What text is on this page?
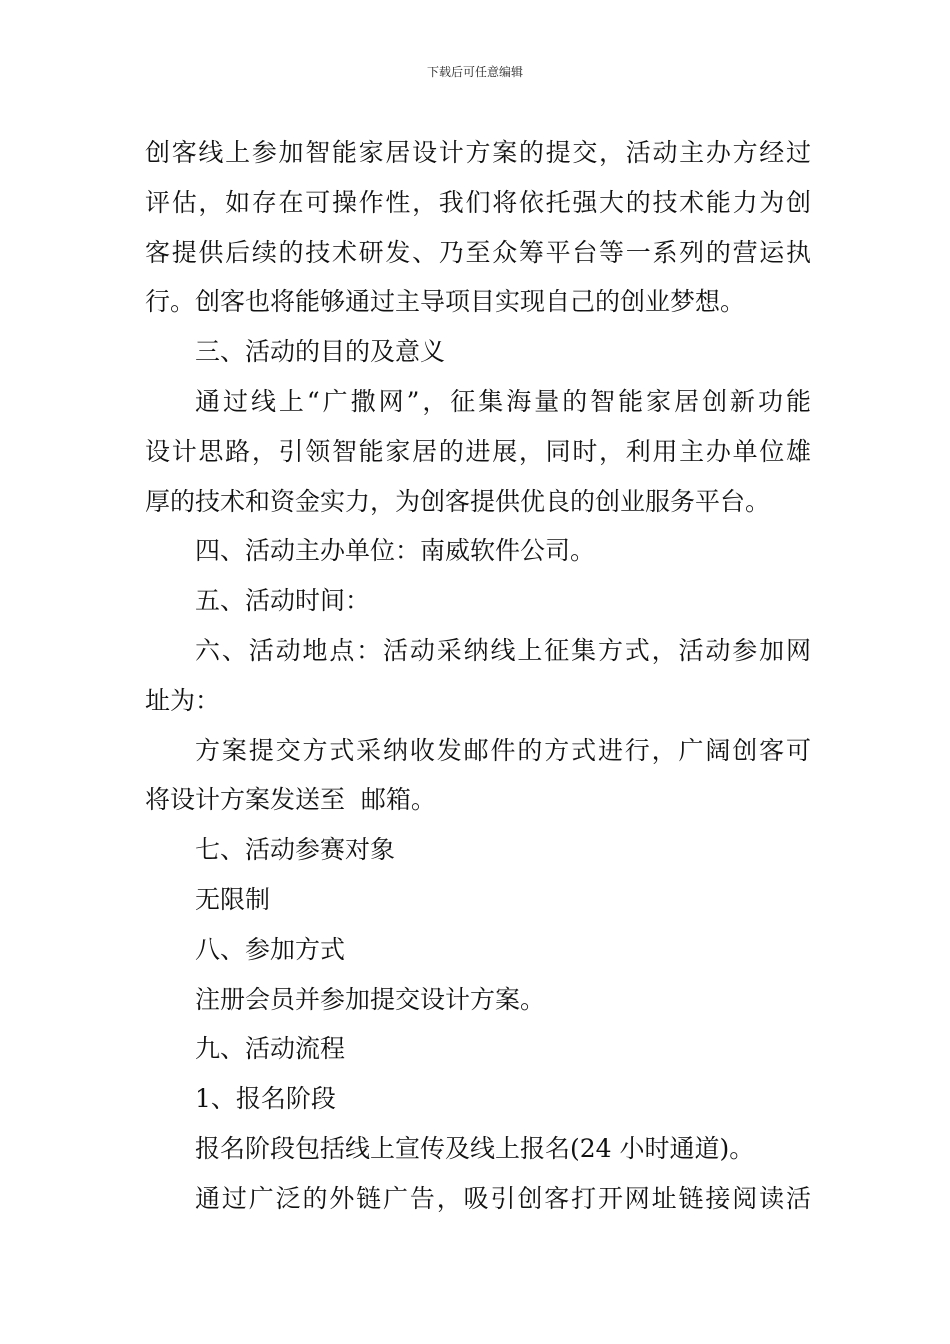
下载后可任意编辑
创客线上参加智能家居设计方案的提交，活动主办方经过
评估，如存在可操作性，我们将依托强大的技术能力为创
客提供后续的技术研发、乃至众筹平台等一系列的营运执
行。创客也将能够通过主导项目实现自己的创业梦想。
三、活动的目的及意义
通过线上“广撒网”，征集海量的智能家居创新功能
设计思路，引领智能家居的进展，同时，利用主办单位雄
厚的技术和资金实力，为创客提供优良的创业服务平台。
四、活动主办单位：南威软件公司。
五、活动时间：
六、活动地点：活动采纳线上征集方式，活动参加网
址为：
方案提交方式采纳收发邮件的方式进行，广阔创客可
将设计方案发送至  邮箱。
七、活动参赛对象
无限制
八、参加方式
注册会员并参加提交设计方案。
九、活动流程
1、报名阶段
报名阶段包括线上宣传及线上报名(24 小时通道)。
通过广泛的外链广告，吸引创客打开网址链接阅读活
